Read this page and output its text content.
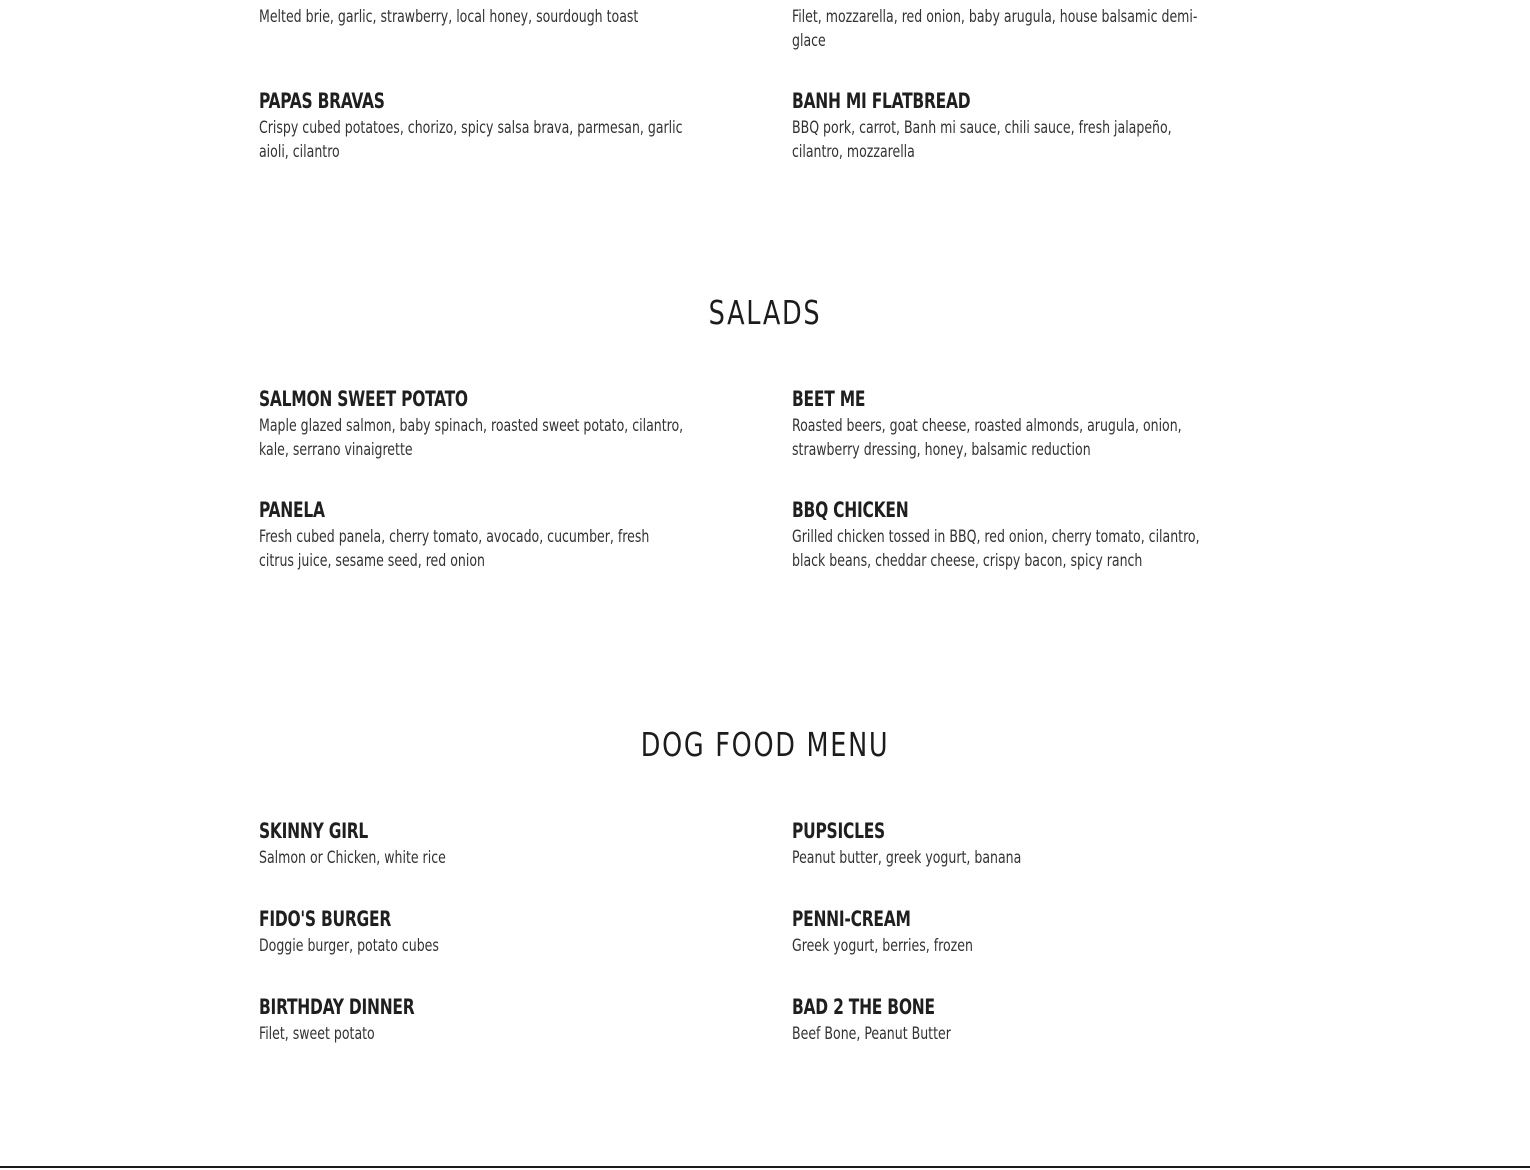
Melted brie, garlic, strawberry, local honey, sourdough toast	Filet, mozzarella, red onion, baby arugula, house balsamic demi-glace

PAPAS BRAVAS

Crispy cubed potatoes, chorizo, spicy salsa brava, parmesan, garlic aioli, cilantro

BANH MI FLATBREAD

BBQ pork, carrot, Banh mi sauce, chili sauce, fresh jalapeño, cilantro, mozzarella

SALADS
SALMON SWEET POTATO

Maple glazed salmon, baby spinach, roasted sweet potato, cilantro, kale, serrano vinaigrette

BEET ME

Roasted beers, goat cheese, roasted almonds, arugula, onion, strawberry dressing, honey, balsamic reduction

PANELA

Fresh cubed panela, cherry tomato, avocado, cucumber, fresh citrus juice, sesame seed, red onion

BBQ CHICKEN

Grilled chicken tossed in BBQ, red onion, cherry tomato, cilantro, black beans, cheddar cheese, crispy bacon, spicy ranch

DOG FOOD MENU
SKINNY GIRL

Salmon or Chicken, white rice

PUPSICLES

Peanut butter, greek yogurt, banana

FIDO'S BURGER

Doggie burger, potato cubes

PENNI-CREAM

Greek yogurt, berries, frozen

BIRTHDAY DINNER

Filet, sweet potato

BAD 2 THE BONE

Beef Bone, Peanut Butter
